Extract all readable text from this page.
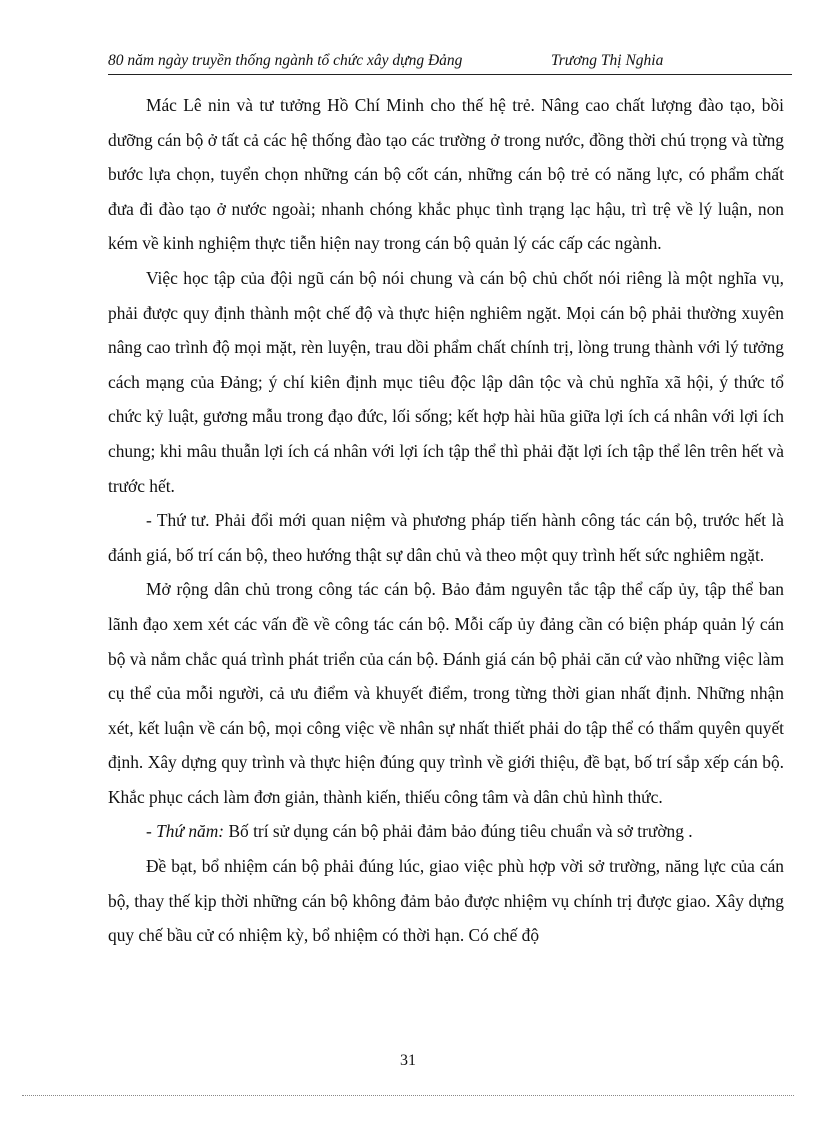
80 năm ngày truyền thống ngành tổ chức xây dựng Đảng	Trương Thị Nghia

Mác Lê nin và tư tưởng Hồ Chí Minh cho thế hệ trẻ. Nâng cao chất lượng đào tạo, bồi dưỡng cán bộ ở tất cả các hệ thống đào tạo các trường ở trong nước, đồng thời chú trọng và từng bước lựa chọn, tuyển chọn những cán bộ cốt cán, những cán bộ trẻ có năng lực, có phẩm chất đưa đi đào tạo ở nước ngoài; nhanh chóng khắc phục tình trạng lạc hậu, trì trệ về lý luận, non kém về kinh nghiệm thực tiễn hiện nay trong cán bộ quản lý các cấp các ngành.

Việc học tập của đội ngũ cán bộ nói chung và cán bộ chủ chốt nói riêng là một nghĩa vụ, phải được quy định thành một chế độ và thực hiện nghiêm ngặt. Mọi cán bộ phải thường xuyên nâng cao trình độ mọi mặt, rèn luyện, trau dồi phẩm chất chính trị, lòng trung thành với lý tưởng cách mạng của Đảng; ý chí kiên định mục tiêu độc lập dân tộc và chủ nghĩa xã hội, ý thức tổ chức kỷ luật, gương mẫu trong đạo đức, lối sống; kết hợp hài hũa giữa lợi ích cá nhân với lợi ích chung; khi mâu thuẫn lợi ích cá nhân với lợi ích tập thể thì phải đặt lợi ích tập thể lên trên hết và trước hết.

- Thứ tư. Phải đổi mới quan niệm và phương pháp tiến hành công tác cán bộ, trước hết là đánh giá, bố trí cán bộ, theo hướng thật sự dân chủ và theo một quy trình hết sức nghiêm ngặt.

Mở rộng dân chủ trong công tác cán bộ. Bảo đảm nguyên tắc tập thể cấp ủy, tập thể ban lãnh đạo xem xét các vấn đề về công tác cán bộ. Mỗi cấp ủy đảng cần có biện pháp quản lý cán bộ và nắm chắc quá trình phát triển của cán bộ. Đánh giá cán bộ phải căn cứ vào những việc làm cụ thể của mỗi người, cả ưu điểm và khuyết điểm, trong từng thời gian nhất định. Những nhận xét, kết luận về cán bộ, mọi công việc về nhân sự nhất thiết phải do tập thể có thẩm quyên quyết định. Xây dựng quy trình và thực hiện đúng quy trình về giới thiệu, đề bạt, bố trí sắp xếp cán bộ. Khắc phục cách làm đơn giản, thành kiến, thiếu công tâm và dân chủ hình thức.

- Thứ năm: Bố trí sử dụng cán bộ phải đảm bảo đúng tiêu chuẩn và sở trường .

Đề bạt, bổ nhiệm cán bộ phải đúng lúc, giao việc phù hợp vời sở trường, năng lực của cán bộ, thay thế kịp thời những cán bộ không đảm bảo được nhiệm vụ chính trị được giao. Xây dựng quy chế bầu cử có nhiệm kỳ, bổ nhiệm có thời hạn. Có chế độ

31
